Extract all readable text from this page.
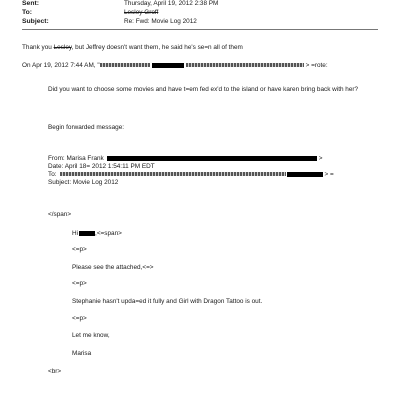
Sent:	Thursday, April 19, 2012 2:38 PM
To:	Lesley Groff
Subject:	Re: Fwd: Movie Log 2012
Thank you Lesley, but Jeffrey doesn't want them, he said he's se=n all of them
On Apr 19, 2012 7:44 AM, "	> =rote:
Did you want to choose some movies and have t=em fed ex'd to the island or have karen bring back with her?
Begin forwarded message:
From: Marisa Frank	>
Date: April 18= 2012 1:54:11 PM EDT
To:	> =
Subject: Movie Log 2012
</span>
Hi	,<=span>
<=p>
Please see the attached,<=>
<=p>
Stephanie hasn't upda=ed it fully and Girl with Dragon Tattoo is out.
<=p>
Let me know,
Marisa
<br>
